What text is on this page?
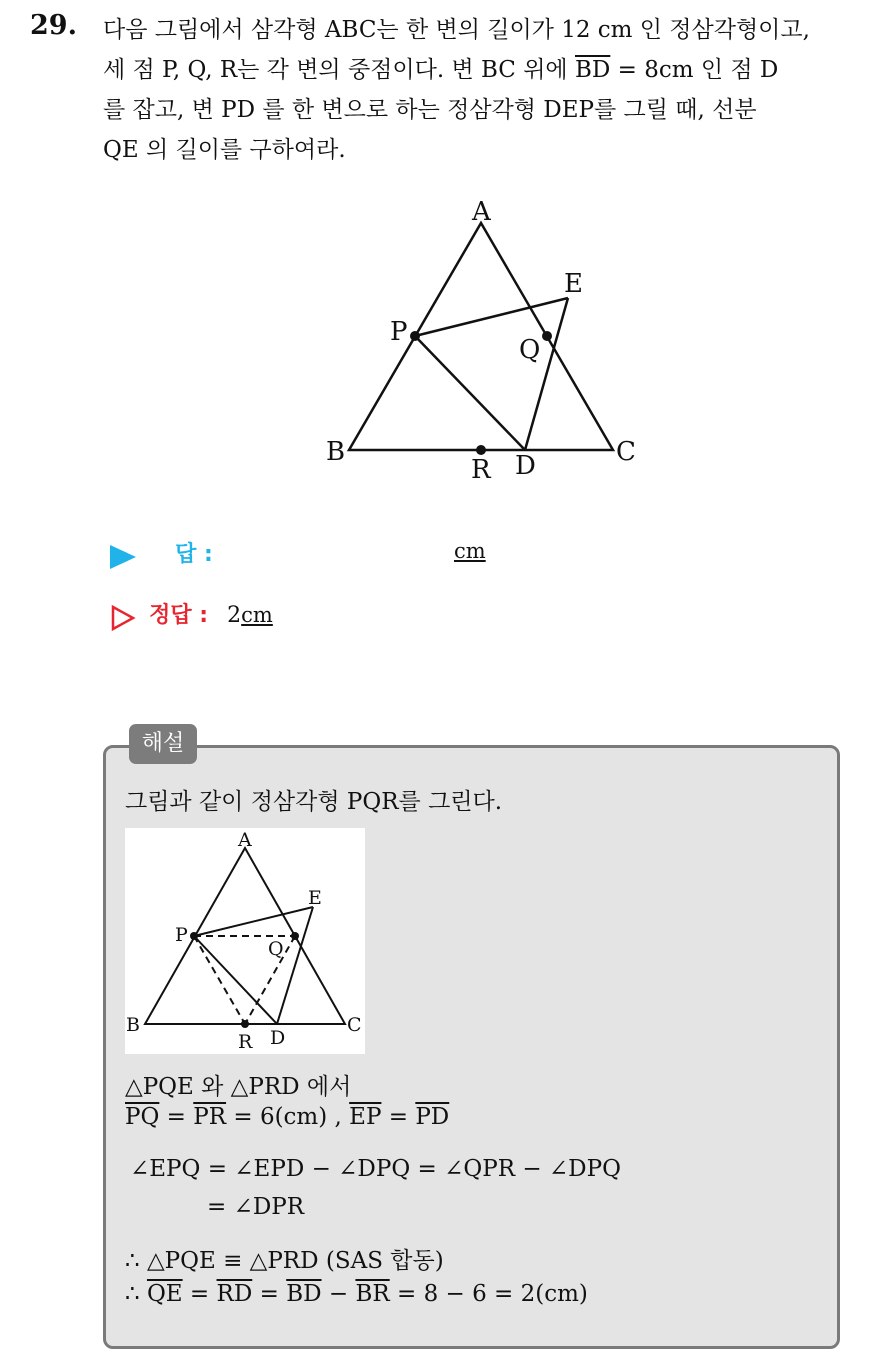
29. 다음 그림에서 삼각형 ABC는 한 변의 길이가 12 cm 인 정삼각형이고,
세 점 P, Q, R는 각 변의 중점이다. 변 BC 위에 $\overline{BD} = 8cm$ 인 점 D
를 잡고, 변 PD 를 한 변으로 하는 정삼각형 DEP를 그릴 때, 선분
QE 의 길이를 구하여라.
A
B	C
D
E
P
Q
R
답 :	cm
정답 : 2cm
해설
그림과 같이 정삼각형 PQR를 그린다.
A
B	C
D
E
P
Q
R
△PQE 와 △PRD 에서
$\overline{PQ} = \overline{PR} = 6(cm)$ , $\overline{EP} = \overline{PD}$
∠EPQ = ∠EPD − ∠DPQ = ∠QPR − ∠DPQ
= ∠DPR
∴ △PQE ≡ △PRD (SAS 합동)
∴ $\overline{QE} = \overline{RD} = \overline{BD} - \overline{BR} = 8 - 6 = 2(cm)$
